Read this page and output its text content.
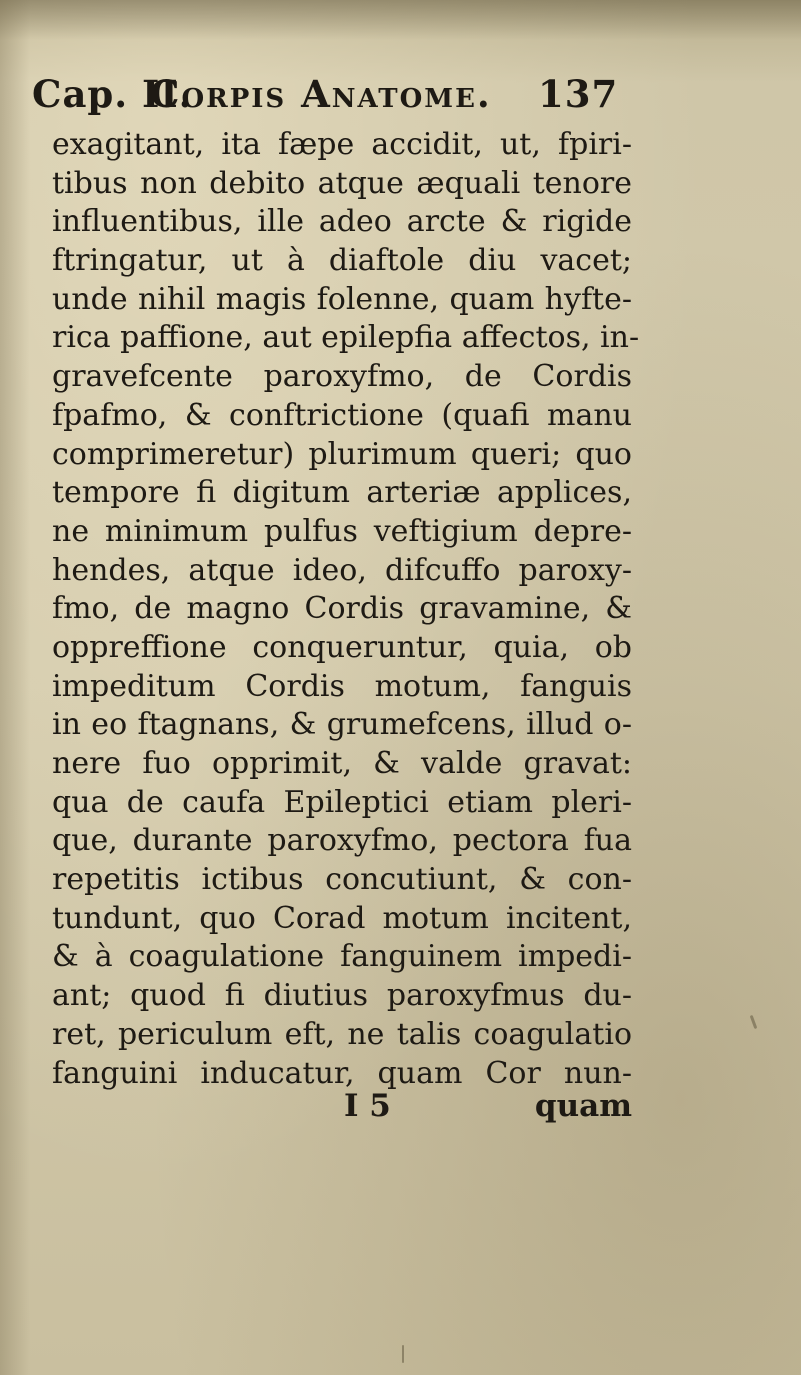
Cap. II.
Corpis Anatome. 137
exagitant, ita fæpe accidit, ut, fpiri-
tibus non debito atque æquali tenore
influentibus, ille adeo arcte & rigide
ftringatur, ut à diaftole diu vacet;
unde nihil magis folenne, quam hyfte-
rica paffione, aut epilepfia affectos, in-
gravefcente paroxyfmo, de Cordis
fpafmo, & conftrictione (quafi manu
comprimeretur) plurimum queri; quo
tempore fi digitum arteriæ applices,
ne minimum pulfus veftigium depre-
hendes, atque ideo, difcuffo paroxy-
fmo, de magno Cordis gravamine, &
oppreffione conqueruntur, quia, ob
impeditum Cordis motum, fanguis
in eo ftagnans, & grumefcens, illud o-
nere fuo opprimit, & valde gravat:
qua de caufa Epileptici etiam pleri-
que, durante paroxyfmo, pectora fua
repetitis ictibus concutiunt, & con-
tundunt, quo Corad motum incitent,
& à coagulatione fanguinem impedi-
ant; quod fi diutius paroxyfmus du-
ret, periculum eft, ne talis coagulatio
fanguini inducatur, quam Cor nun-
I 5	quam
